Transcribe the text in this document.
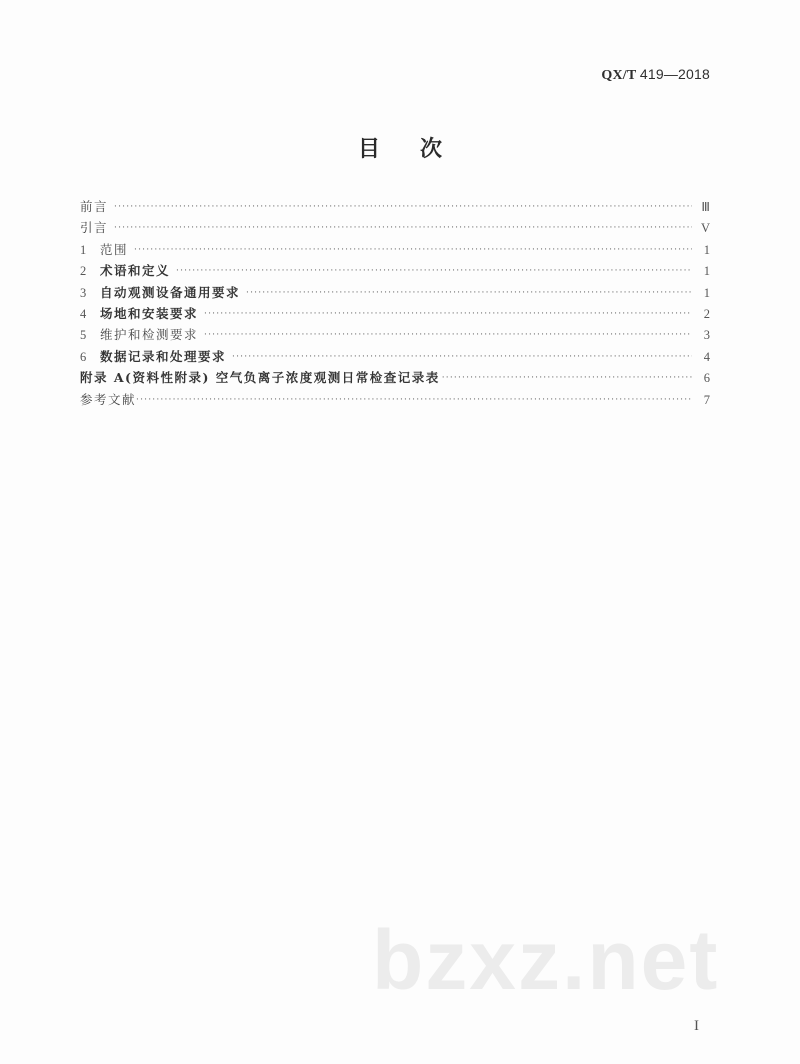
QX/T 419—2018
目次
前言 ·····	Ⅲ
引言 ·····	V
1	范围 ·····	1
2	术语和定义 ·····	1
3	自动观测设备通用要求 ·····	1
4	场地和安装要求 ·····	2
5	维护和检测要求 ·····	3
6	数据记录和处理要求 ·····	4
附录 A(资料性附录) 空气负离子浓度观测日常检查记录表 ·····	6
参考文献 ·····	7
bzxz.net
I
